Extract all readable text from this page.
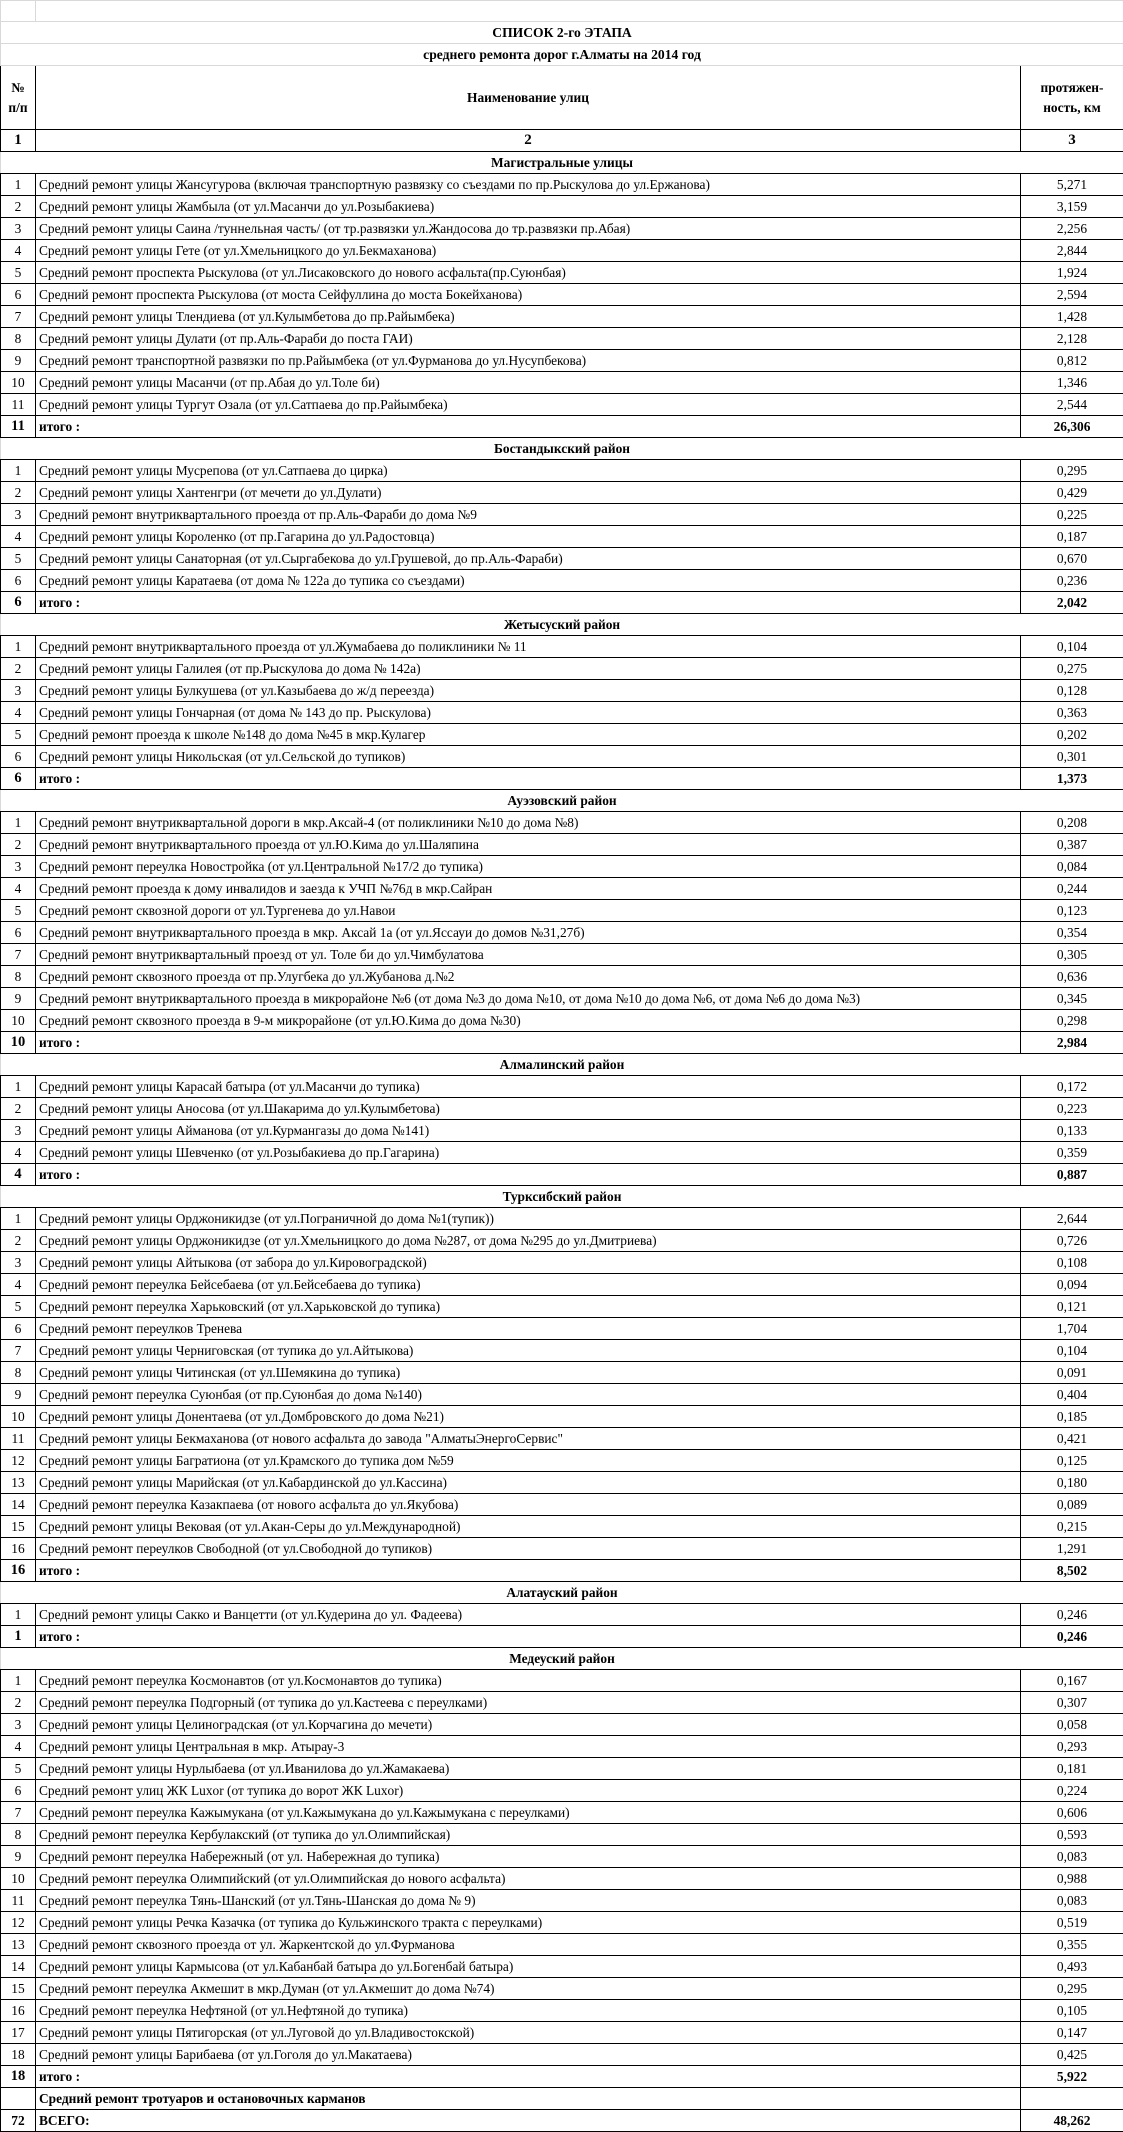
СПИСОК 2-го ЭТАПА		
среднего ремонта дорог г.Алматы на 2014 год		
№ п/п	Наименование улиц	протяжен-ность, км
1	2	3
Магистральные улицы		
1	Средний ремонт улицы Жансугурова (включая транспортную развязку со съездами по пр.Рыскулова до ул.Ержанова)	5,271
2	Средний ремонт улицы Жамбыла (от ул.Масанчи до ул.Розыбакиева)	3,159
3	Средний ремонт улицы Саина /туннельная часть/ (от тр.развязки ул.Жандосова до тр.развязки пр.Абая)	2,256
4	Средний ремонт улицы Гете (от ул.Хмельницкого до ул.Бекмаханова)	2,844
5	Средний ремонт проспекта Рыскулова (от ул.Лисаковского до нового асфальта(пр.Суюнбая)	1,924
6	Средний ремонт проспекта Рыскулова (от моста Сейфуллина до моста Бокейханова)	2,594
7	Средний ремонт улицы Тлендиева (от ул.Кулымбетова до пр.Райымбека)	1,428
8	Средний ремонт улицы Дулати (от пр.Аль-Фараби до поста ГАИ)	2,128
9	Средний ремонт транспортной развязки по пр.Райымбека (от ул.Фурманова до ул.Нусупбекова)	0,812
10	Средний ремонт улицы Масанчи (от пр.Абая до ул.Толе би)	1,346
11	Средний ремонт улицы Тургут Озала (от ул.Сатпаева до пр.Райымбека)	2,544
11	итого :	26,306
Бостандыкский район		
1	Средний ремонт улицы Мусрепова (от ул.Сатпаева до цирка)	0,295
2	Средний ремонт улицы Хантенгри (от мечети до ул.Дулати)	0,429
3	Средний ремонт внутриквартального проезда от пр.Аль-Фараби до дома №9	0,225
4	Средний ремонт улицы Короленко (от пр.Гагарина до ул.Радостовца)	0,187
5	Средний ремонт улицы Санаторная (от ул.Сыргабекова до ул.Грушевой, до пр.Аль-Фараби)	0,670
6	Средний ремонт улицы Каратаева (от дома № 122а до тупика со съездами)	0,236
6	итого :	2,042
Жетысуский район		
1	Средний ремонт внутриквартального проезда от ул.Жумабаева до поликлиники № 11	0,104
2	Средний ремонт улицы Галилея (от пр.Рыскулова до дома № 142а)	0,275
3	Средний ремонт улицы Булкушева (от ул.Казыбаева до ж/д переезда)	0,128
4	Средний ремонт улицы Гончарная (от дома № 143 до пр. Рыскулова)	0,363
5	Средний ремонт проезда к школе №148 до дома №45 в мкр.Кулагер	0,202
6	Средний ремонт улицы Никольская (от ул.Сельской до тупиков)	0,301
6	итого :	1,373
Ауэзовский район		
1	Средний ремонт внутриквартальной дороги в мкр.Аксай-4 (от поликлиники №10 до дома №8)	0,208
2	Средний ремонт внутриквартального проезда от ул.Ю.Кима до ул.Шаляпина	0,387
3	Средний ремонт переулка Новостройка (от ул.Центральной №17/2 до тупика)	0,084
4	Средний ремонт проезда к дому инвалидов и заезда к УЧП №76д в мкр.Сайран	0,244
5	Средний ремонт сквозной дороги от ул.Тургенева до ул.Навои	0,123
6	Средний ремонт внутриквартального проезда в мкр. Аксай 1а (от ул.Яссауи до домов №31,27б)	0,354
7	Средний ремонт внутриквартальный проезд от ул. Толе би до ул.Чимбулатова	0,305
8	Средний ремонт сквозного проезда от пр.Улугбека до ул.Жубанова д.№2	0,636
9	Средний ремонт внутриквартального проезда в микрорайоне №6 (от дома №3 до дома №10, от дома №10 до дома №6, от дома №6 до дома №3)	0,345
10	Средний ремонт сквозного проезда в 9-м микрорайоне (от ул.Ю.Кима до дома №30)	0,298
10	итого :	2,984
Алмалинский район		
1	Средний ремонт улицы Карасай батыра (от ул.Масанчи до тупика)	0,172
2	Средний ремонт улицы Аносова (от ул.Шакарима до ул.Кулымбетова)	0,223
3	Средний ремонт улицы Айманова (от ул.Курмангазы до дома №141)	0,133
4	Средний ремонт улицы Шевченко (от ул.Розыбакиева до пр.Гагарина)	0,359
4	итого :	0,887
Турксибский район		
1	Средний ремонт улицы Орджоникидзе (от ул.Пограничной до дома №1(тупик))	2,644
2	Средний ремонт улицы Орджоникидзе (от ул.Хмельницкого до дома №287, от дома №295 до ул.Дмитриева)	0,726
3	Средний ремонт улицы Айтыкова (от забора до ул.Кировоградской)	0,108
4	Средний ремонт переулка Бейсебаева (от ул.Бейсебаева до тупика)	0,094
5	Средний ремонт переулка Харьковский (от ул.Харьковской до тупика)	0,121
6	Средний ремонт переулков Тренева	1,704
7	Средний ремонт улицы Черниговская (от тупика до ул.Айтыкова)	0,104
8	Средний ремонт улицы Читинская (от ул.Шемякина до тупика)	0,091
9	Средний ремонт переулка Суюнбая (от пр.Суюнбая до дома №140)	0,404
10	Средний ремонт улицы Донентаева (от ул.Домбровского до дома №21)	0,185
11	Средний ремонт улицы Бекмаханова (от нового асфальта до завода "АлматыЭнергоСервис"	0,421
12	Средний ремонт улицы Багратиона (от ул.Крамского до тупика дом №59	0,125
13	Средний ремонт улицы Марийская (от ул.Кабардинской до ул.Кассина)	0,180
14	Средний ремонт переулка Казакпаева (от нового асфальта до ул.Якубова)	0,089
15	Средний ремонт улицы Вековая (от ул.Акан-Серы до ул.Международной)	0,215
16	Средний ремонт переулков Свободной (от ул.Свободной до тупиков)	1,291
16	итого :	8,502
Алатауский район		
1	Средний ремонт улицы Сакко и Ванцетти (от ул.Кудерина до ул. Фадеева)	0,246
1	итого :	0,246
Медеуский район		
1	Средний ремонт переулка Космонавтов (от ул.Космонавтов до тупика)	0,167
2	Средний ремонт переулка Подгорный (от тупика до ул.Кастеева с переулками)	0,307
3	Средний ремонт улицы Целиноградская (от ул.Корчагина до мечети)	0,058
4	Средний ремонт улицы Центральная в мкр. Атырау-3	0,293
5	Средний ремонт улицы Нурлыбаева (от ул.Иванилова до ул.Жамакаева)	0,181
6	Средний ремонт улиц ЖК Luxor (от тупика до ворот ЖК Luxor)	0,224
7	Средний ремонт переулка Кажымукана (от ул.Кажымукана до ул.Кажымукана с переулками)	0,606
8	Средний ремонт переулка Кербулакский (от тупика до ул.Олимпийская)	0,593
9	Средний ремонт переулка Набережный (от ул. Набережная до тупика)	0,083
10	Средний ремонт переулка Олимпийский (от ул.Олимпийская до нового асфальта)	0,988
11	Средний ремонт переулка Тянь-Шанский (от ул.Тянь-Шанская до дома № 9)	0,083
12	Средний ремонт улицы Речка Казачка (от тупика до Кульжинского тракта с переулками)	0,519
13	Средний ремонт сквозного проезда от ул. Жаркентской до ул.Фурманова	0,355
14	Средний ремонт улицы Кармысова (от ул.Кабанбай батыра до ул.Богенбай батыра)	0,493
15	Средний ремонт переулка Акмешит в мкр.Думан (от ул.Акмешит до дома №74)	0,295
16	Средний ремонт переулка Нефтяной (от ул.Нефтяной до тупика)	0,105
17	Средний ремонт улицы Пятигорская (от ул.Луговой до ул.Владивостокской)	0,147
18	Средний ремонт улицы Барибаева (от ул.Гоголя до ул.Макатаева)	0,425
18	итого :	5,922
	Средний ремонт тротуаров и остановочных карманов	
72	ВСЕГО:	48,262
